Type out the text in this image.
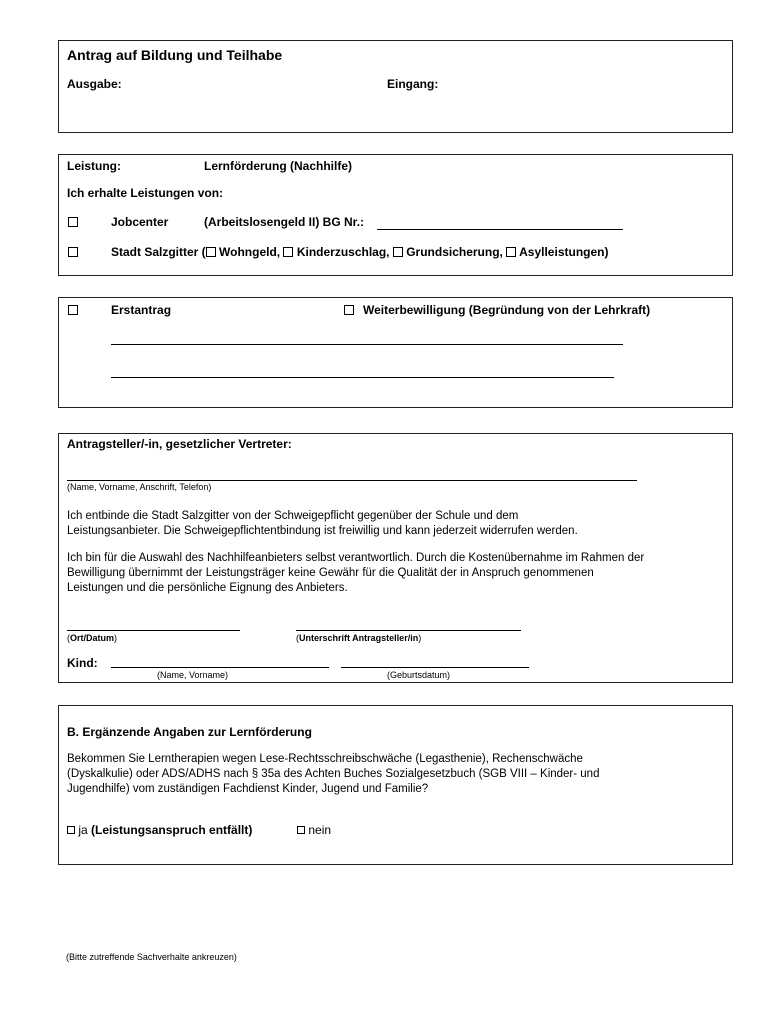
Antrag auf Bildung und Teilhabe
Ausgabe:	Eingang:
Leistung:	Lernförderung (Nachhilfe)
Ich erhalte Leistungen von:
Jobcenter	(Arbeitslosengeld II) BG Nr.:
Stadt Salzgitter ( Wohngeld, Kinderzuschlag, Grundsicherung, Asylleistungen)
Erstantrag	Weiterbewilligung (Begründung von der Lehrkraft)
Antragsteller/-in, gesetzlicher Vertreter:
(Name, Vorname, Anschrift, Telefon)
Ich entbinde die Stadt Salzgitter von der Schweigepflicht gegenüber der Schule und dem
Leistungsanbieter. Die Schweigepflichtentbindung ist freiwillig und kann jederzeit widerrufen werden.
Ich bin für die Auswahl des Nachhilfeanbieters selbst verantwortlich. Durch die Kostenübernahme im Rahmen der
Bewilligung übernimmt der Leistungsträger keine Gewähr für die Qualität der in Anspruch genommenen
Leistungen und die persönliche Eignung des Anbieters.
(Ort/Datum)	(Unterschrift Antragsteller/in)
Kind:
(Name, Vorname)	(Geburtsdatum)
B. Ergänzende Angaben zur Lernförderung
Bekommen Sie Lerntherapien wegen Lese-Rechtsschreibschwäche (Legasthenie), Rechenschwäche
(Dyskalkulie) oder ADS/ADHS nach § 35a des Achten Buches Sozialgesetzbuch (SGB VIII – Kinder- und
Jugendhilfe) vom zuständigen Fachdienst Kinder, Jugend und Familie?
ja (Leistungsanspruch entfällt)	nein
(Bitte zutreffende Sachverhalte ankreuzen)
